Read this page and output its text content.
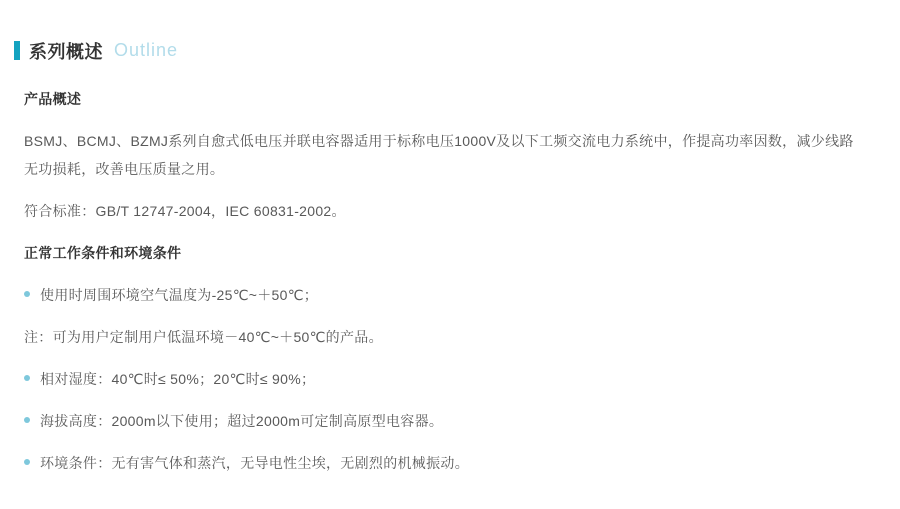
系列概述 Outline
产品概述

BSMJ、BCMJ、BZMJ系列自愈式低电压并联电容器适用于标称电压1000V及以下工频交流电力系统中，作提高功率因数，减少线路无功损耗，改善电压质量之用。

符合标准：GB/T 12747-2004，IEC 60831-2002。

正常工作条件和环境条件
使用时周围环境空气温度为-25℃~＋50℃；

注：可为用户定制用户低温环境－40℃~＋50℃的产品。

相对湿度：40℃时≤ 50%；20℃时≤ 90%；
海拔高度：2000m以下使用；超过2000m可定制高原型电容器。
环境条件：无有害气体和蒸汽，无导电性尘埃，无剧烈的机械振动。
